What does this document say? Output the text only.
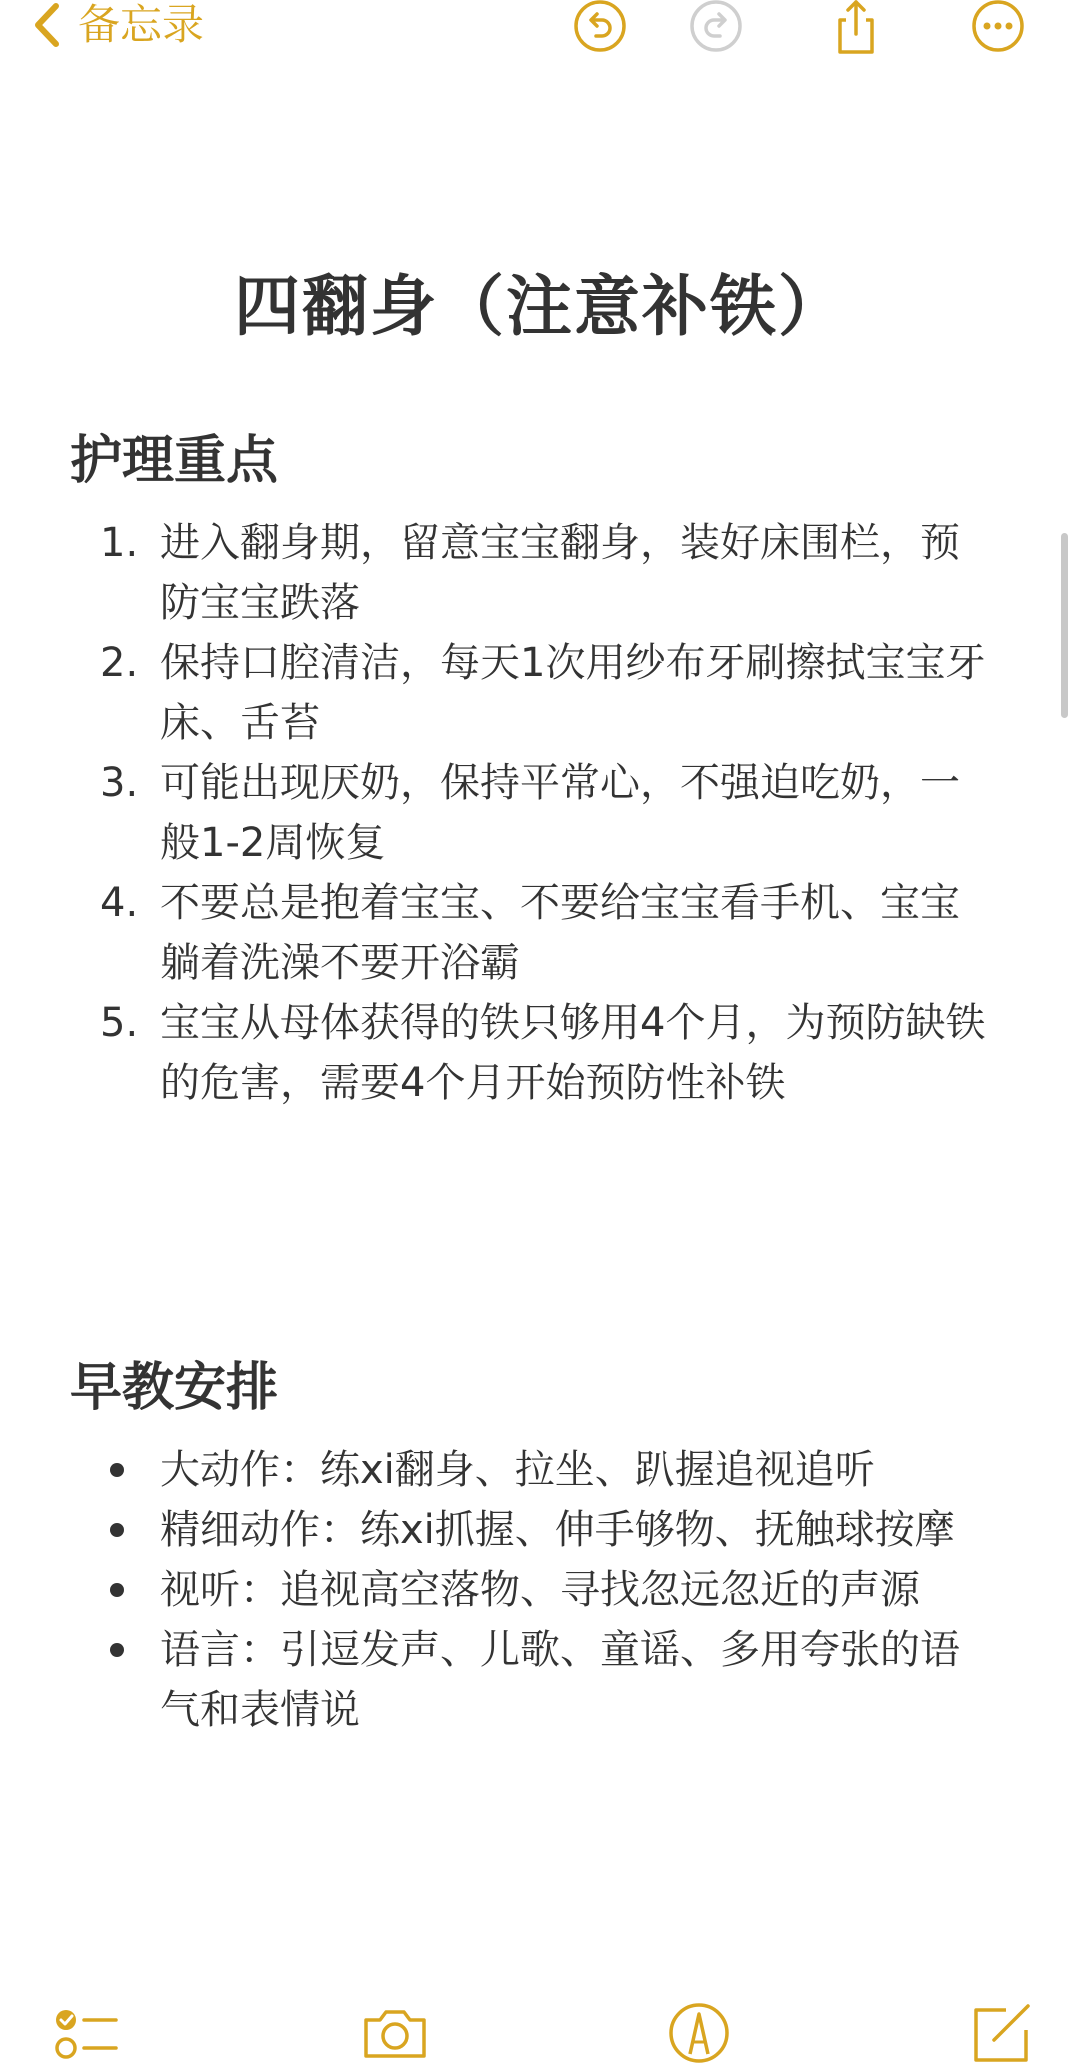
备忘录
四翻身（注意补铁）
护理重点
1. 进入翻身期，留意宝宝翻身，装好床围栏，预防宝宝跌落
2. 保持口腔清洁，每天1次用纱布牙刷擦拭宝宝牙床、舌苔
3. 可能出现厌奶，保持平常心，不强迫吃奶，一般1-2周恢复
4. 不要总是抱着宝宝、不要给宝宝看手机、宝宝躺着洗澡不要开浴霸
5. 宝宝从母体获得的铁只够用4个月，为预防缺铁的危害，需要4个月开始预防性补铁
早教安排
大动作：练xi翻身、拉坐、趴握追视追听
精细动作：练xi抓握、伸手够物、抚触球按摩
视听：追视高空落物、寻找忽远忽近的声源
语言：引逗发声、儿歌、童谣、多用夸张的语气和表情说
